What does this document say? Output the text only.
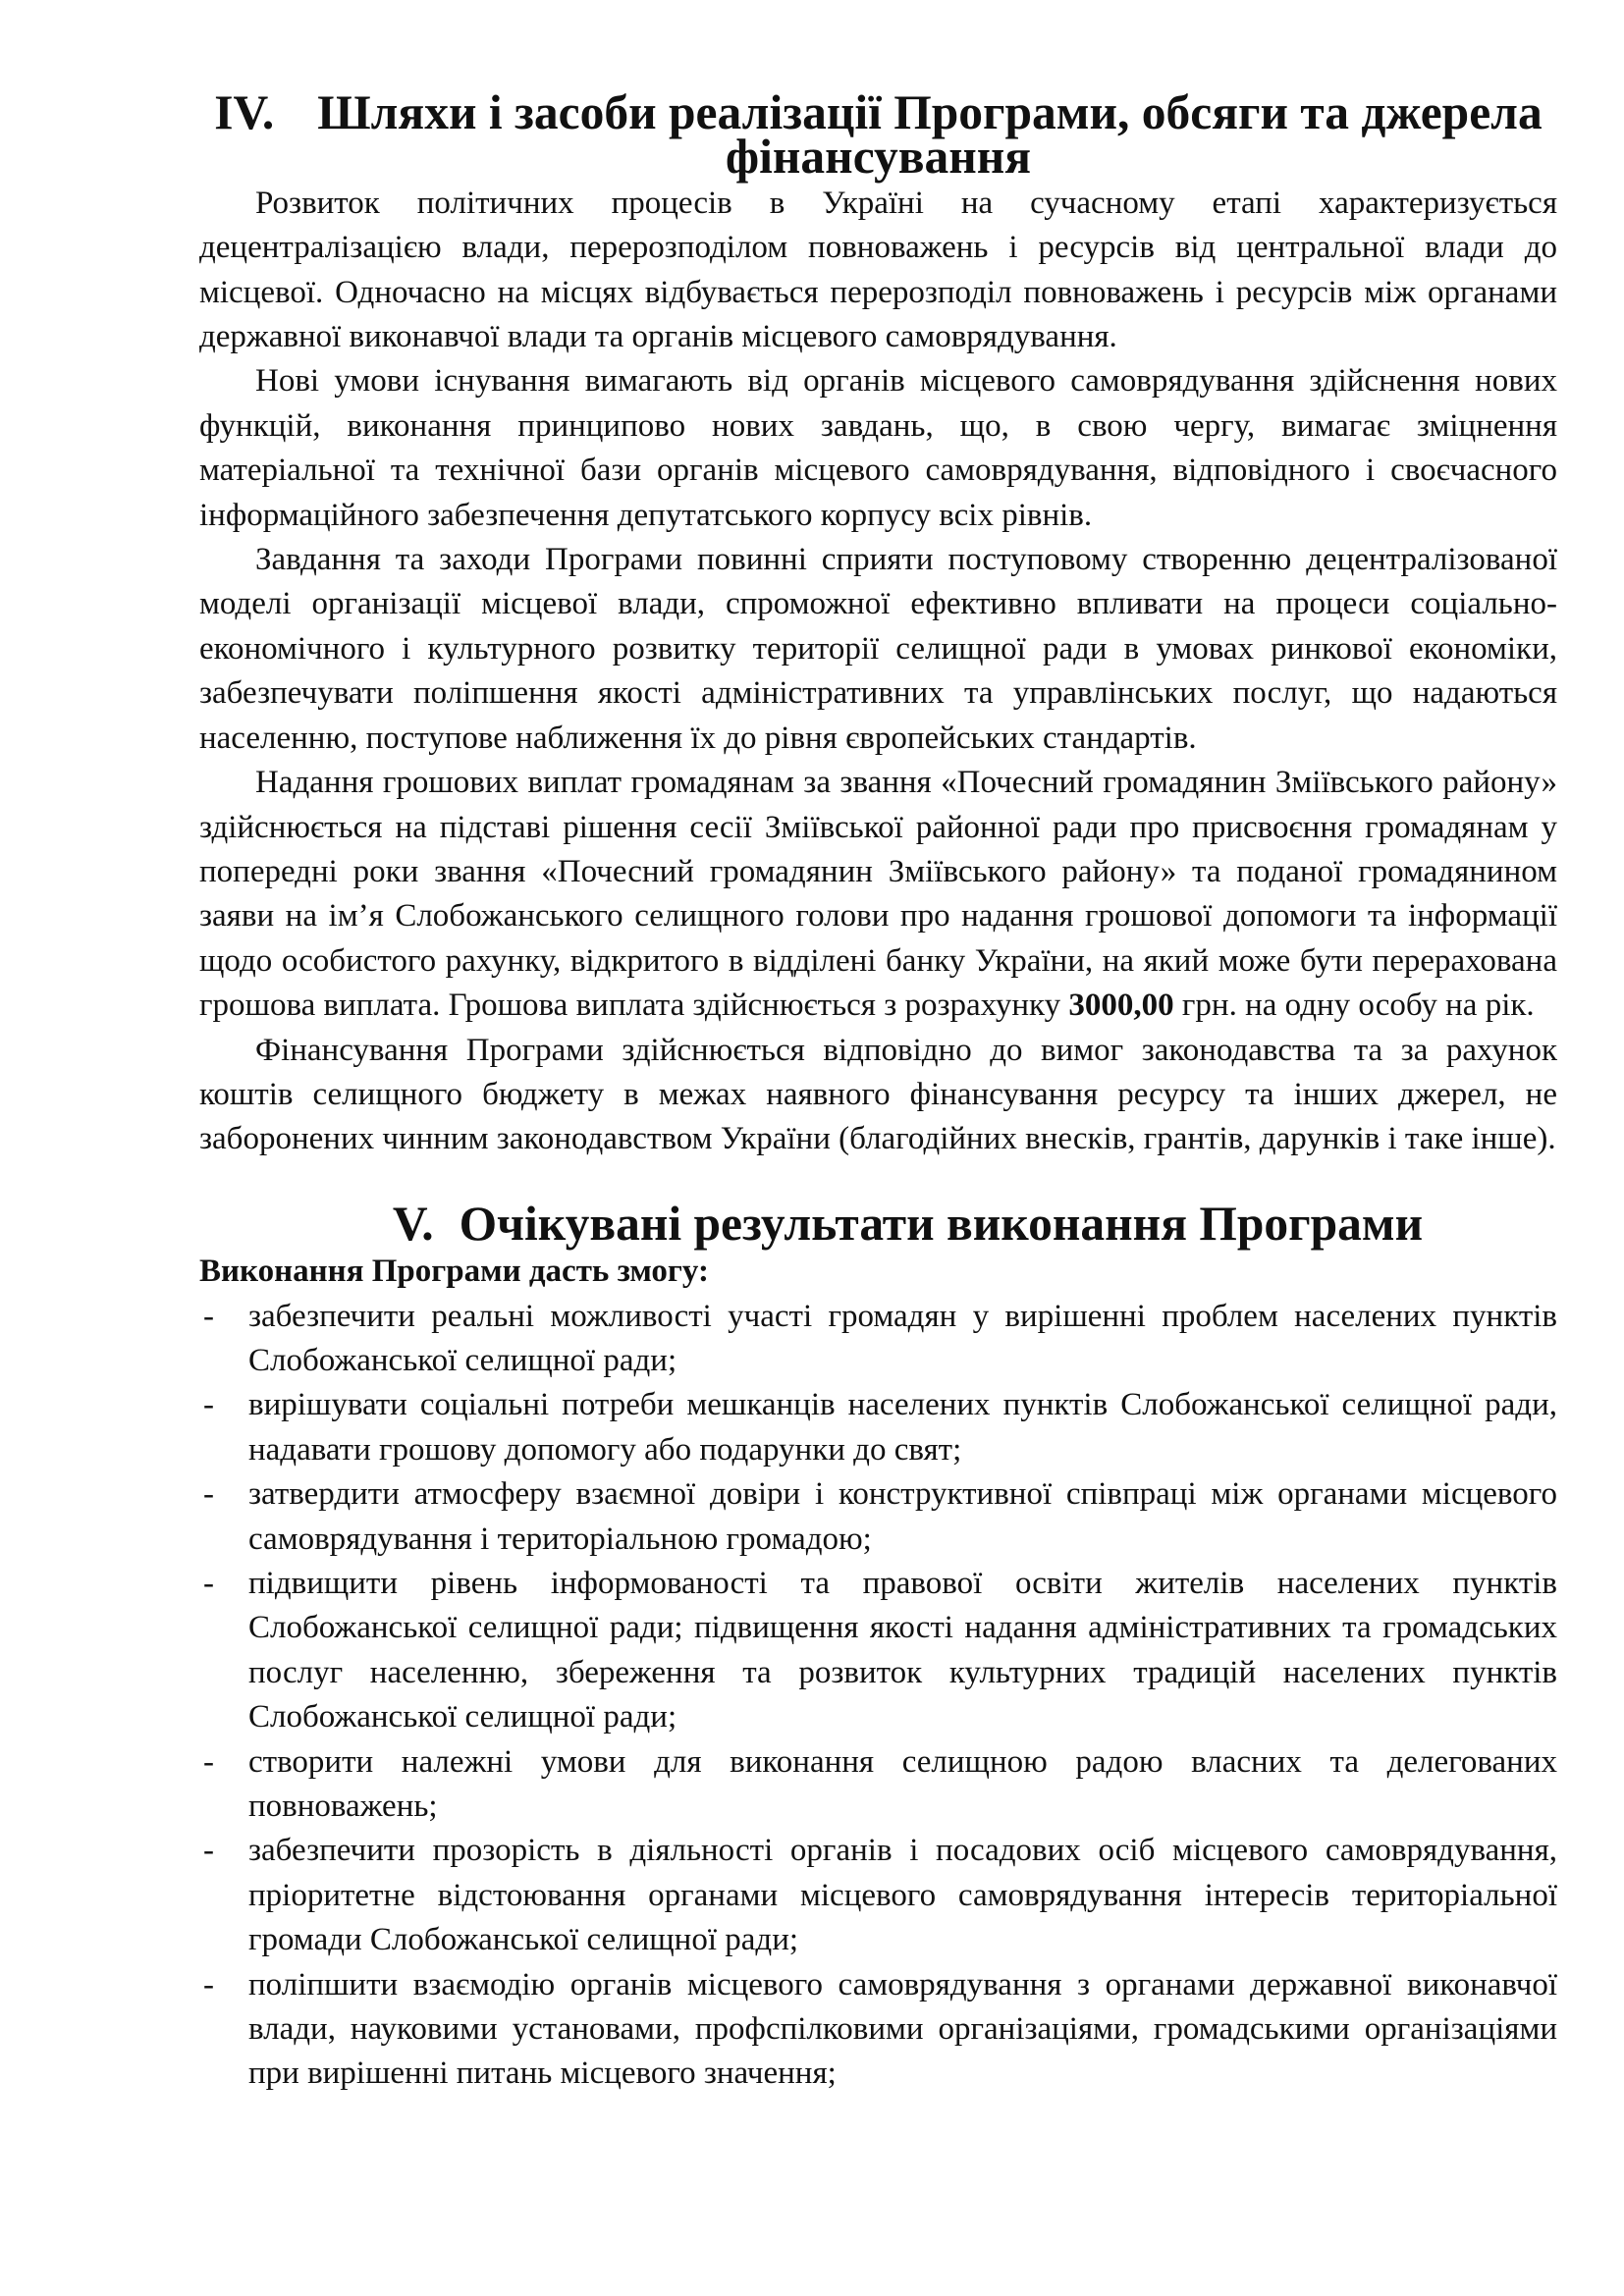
IV. Шляхи і засоби реалізації Програми, обсяги та джерела фінансування

Розвиток політичних процесів в Україні на сучасному етапі характеризується децентралізацією влади, перерозподілом повноважень і ресурсів від центральної влади до місцевої. Одночасно на місцях відбувається перерозподіл повноважень і ресурсів між органами державної виконавчої влади та органів місцевого самоврядування.

Нові умови існування вимагають від органів місцевого самоврядування здійснення нових функцій, виконання принципово нових завдань, що, в свою чергу, вимагає зміцнення матеріальної та технічної бази органів місцевого самоврядування, відповідного і своєчасного інформаційного забезпечення депутатського корпусу всіх рівнів.

Завдання та заходи Програми повинні сприяти поступовому створенню децентралізованої моделі організації місцевої влади, спроможної ефективно впливати на процеси соціально-економічного і культурного розвитку території селищної ради в умовах ринкової економіки, забезпечувати поліпшення якості адміністративних та управлінських послуг, що надаються населенню, поступове наближення їх до рівня європейських стандартів.

Надання грошових виплат громадянам за звання «Почесний громадянин Зміївського району» здійснюється на підставі рішення сесії Зміївської районної ради про присвоєння громадянам у попередні роки звання «Почесний громадянин Зміївського району» та поданої громадянином заяви на ім’я Слобожанського селищного голови про надання грошової допомоги та інформації щодо особистого рахунку, відкритого в відділені банку України, на який може бути перерахована грошова виплата. Грошова виплата здійснюється з розрахунку 3000,00 грн. на одну особу на рік.

Фінансування Програми здійснюється відповідно до вимог законодавства та за рахунок коштів селищного бюджету в межах наявного фінансування ресурсу та інших джерел, не заборонених чинним законодавством України (благодійних внесків, грантів, дарунків і таке інше).

V. Очікувані результати виконання Програми
Виконання Програми дасть змогу:
- забезпечити реальні можливості участі громадян у вирішенні проблем населених пунктів Слобожанської селищної ради;
- вирішувати соціальні потреби мешканців населених пунктів Слобожанської селищної ради, надавати грошову допомогу або подарунки до свят;
- затвердити атмосферу взаємної довіри і конструктивної співпраці між органами місцевого самоврядування і територіальною громадою;
- підвищити рівень інформованості та правової освіти жителів населених пунктів Слобожанської селищної ради; підвищення якості надання адміністративних та громадських послуг населенню, збереження та розвиток культурних традицій населених пунктів Слобожанської селищної ради;
- створити належні умови для виконання селищною радою власних та делегованих повноважень;
- забезпечити прозорість в діяльності органів і посадових осіб місцевого самоврядування, пріоритетне відстоювання органами місцевого самоврядування інтересів територіальної громади Слобожанської селищної ради;
- поліпшити взаємодію органів місцевого самоврядування з органами державної виконавчої влади, науковими установами, профспілковими організаціями, громадськими організаціями при вирішенні питань місцевого значення;
